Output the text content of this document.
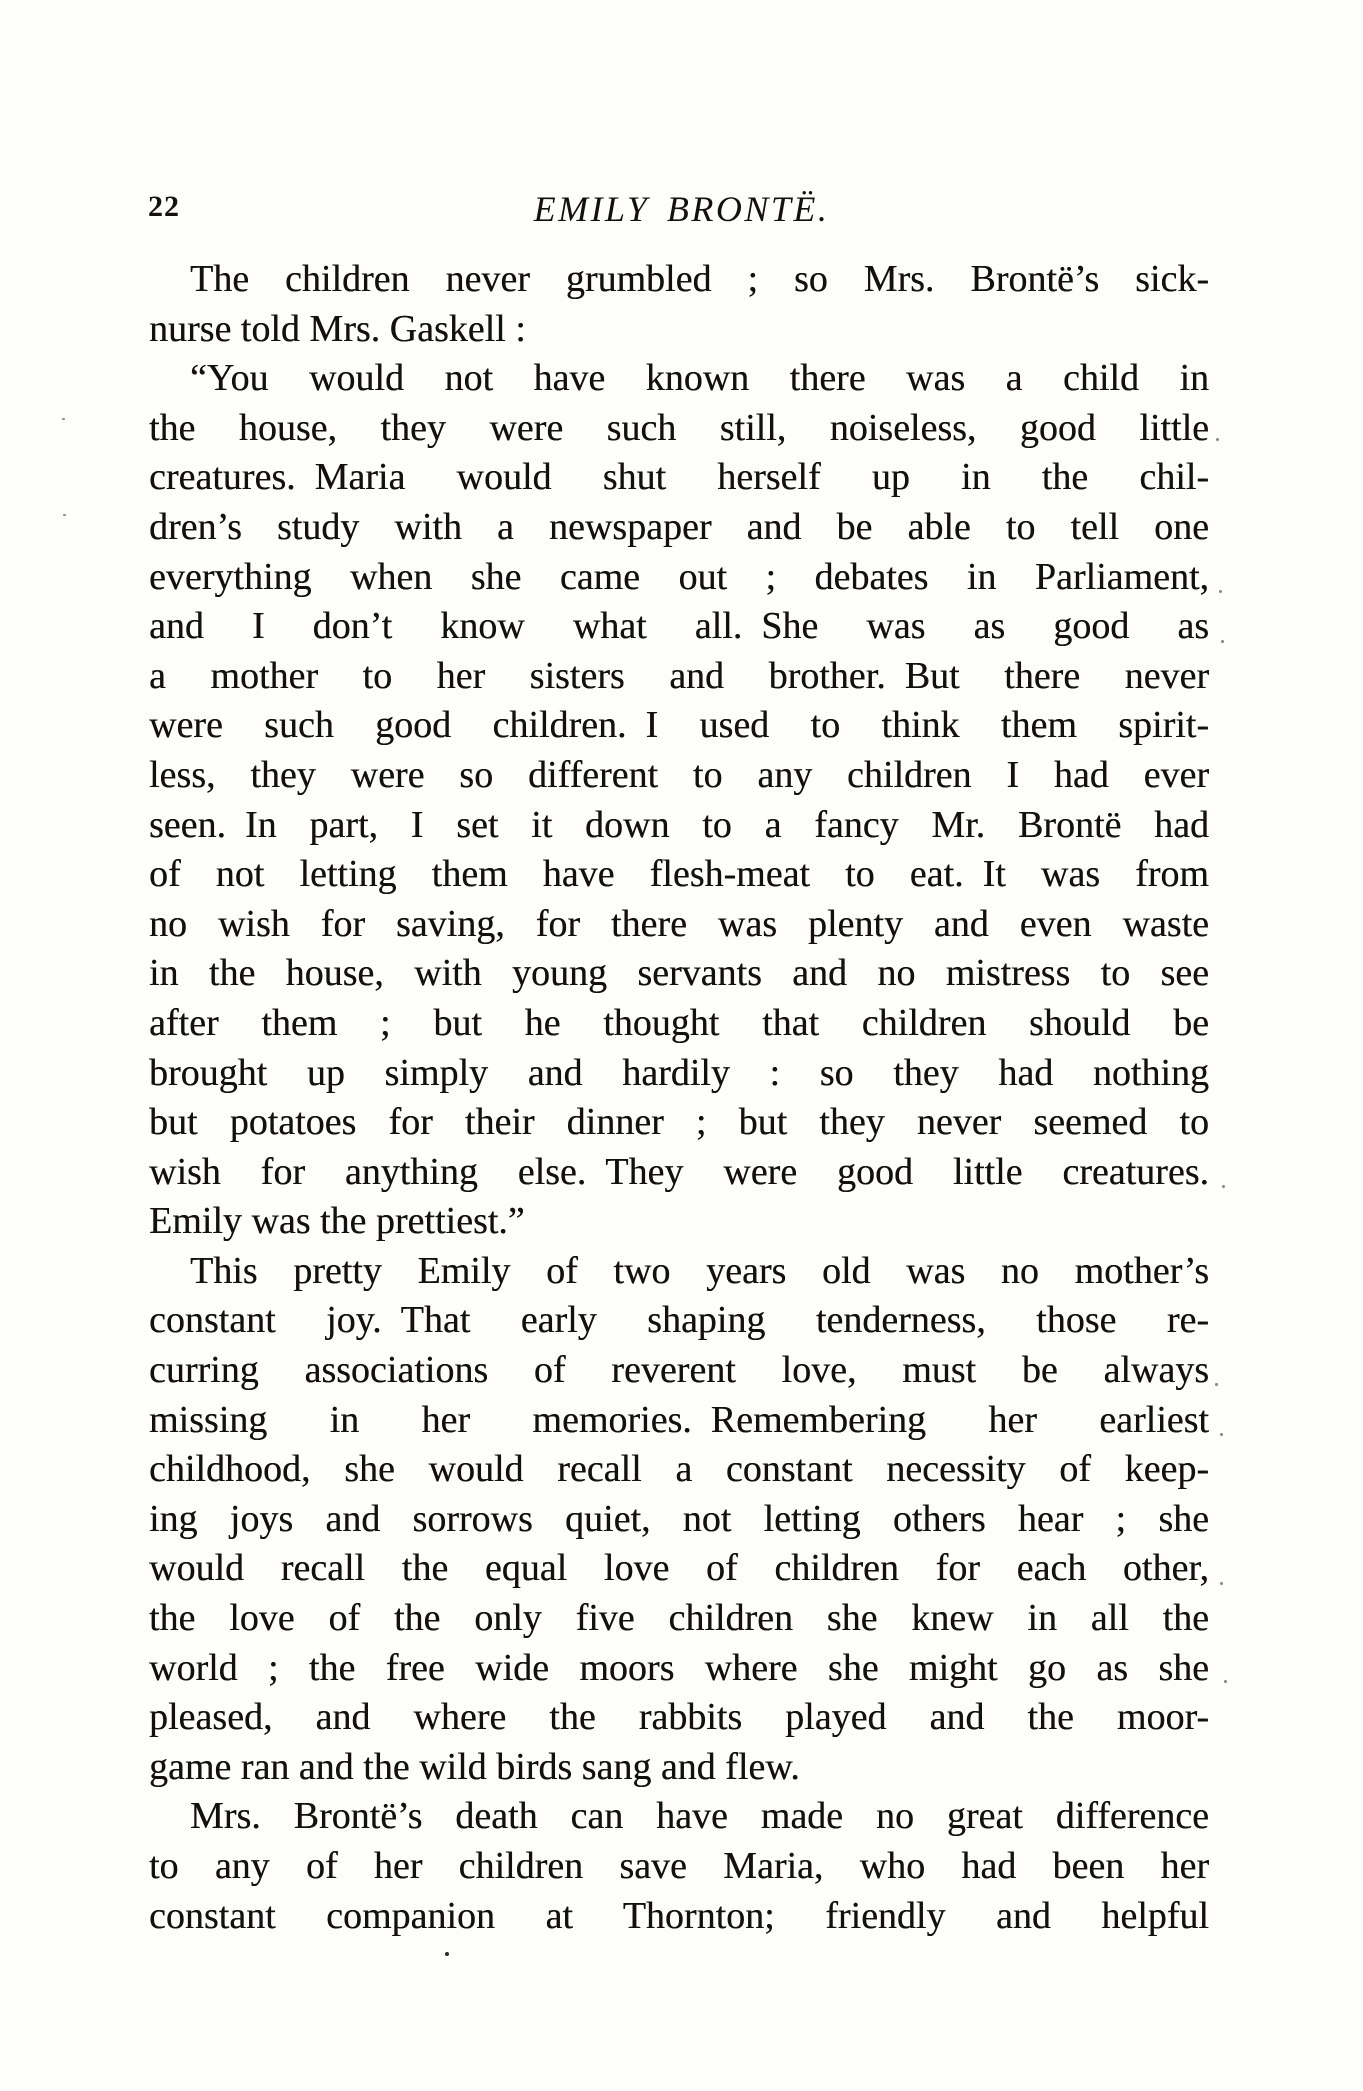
22	EMILY BRONTË.
The children never grumbled ; so Mrs. Brontë’s sick-
nurse told Mrs. Gaskell :
“You would not have known there was a child in
the house, they were such still, noiseless, good little
creatures. Maria would shut herself up in the chil-
dren’s study with a newspaper and be able to tell one
everything when she came out ; debates in Parliament,
and I don’t know what all. She was as good as
a mother to her sisters and brother. But there never
were such good children. I used to think them spirit-
less, they were so different to any children I had ever
seen. In part, I set it down to a fancy Mr. Brontë had
of not letting them have flesh-meat to eat. It was from
no wish for saving, for there was plenty and even waste
in the house, with young servants and no mistress to see
after them ; but he thought that children should be
brought up simply and hardily : so they had nothing
but potatoes for their dinner ; but they never seemed to
wish for anything else. They were good little creatures.
Emily was the prettiest.”
This pretty Emily of two years old was no mother’s
constant joy. That early shaping tenderness, those re-
curring associations of reverent love, must be always
missing in her memories. Remembering her earliest
childhood, she would recall a constant necessity of keep-
ing joys and sorrows quiet, not letting others hear ; she
would recall the equal love of children for each other,
the love of the only five children she knew in all the
world ; the free wide moors where she might go as she
pleased, and where the rabbits played and the moor-
game ran and the wild birds sang and flew.
Mrs. Brontë’s death can have made no great difference
to any of her children save Maria, who had been her
constant companion at Thornton; friendly and helpful
